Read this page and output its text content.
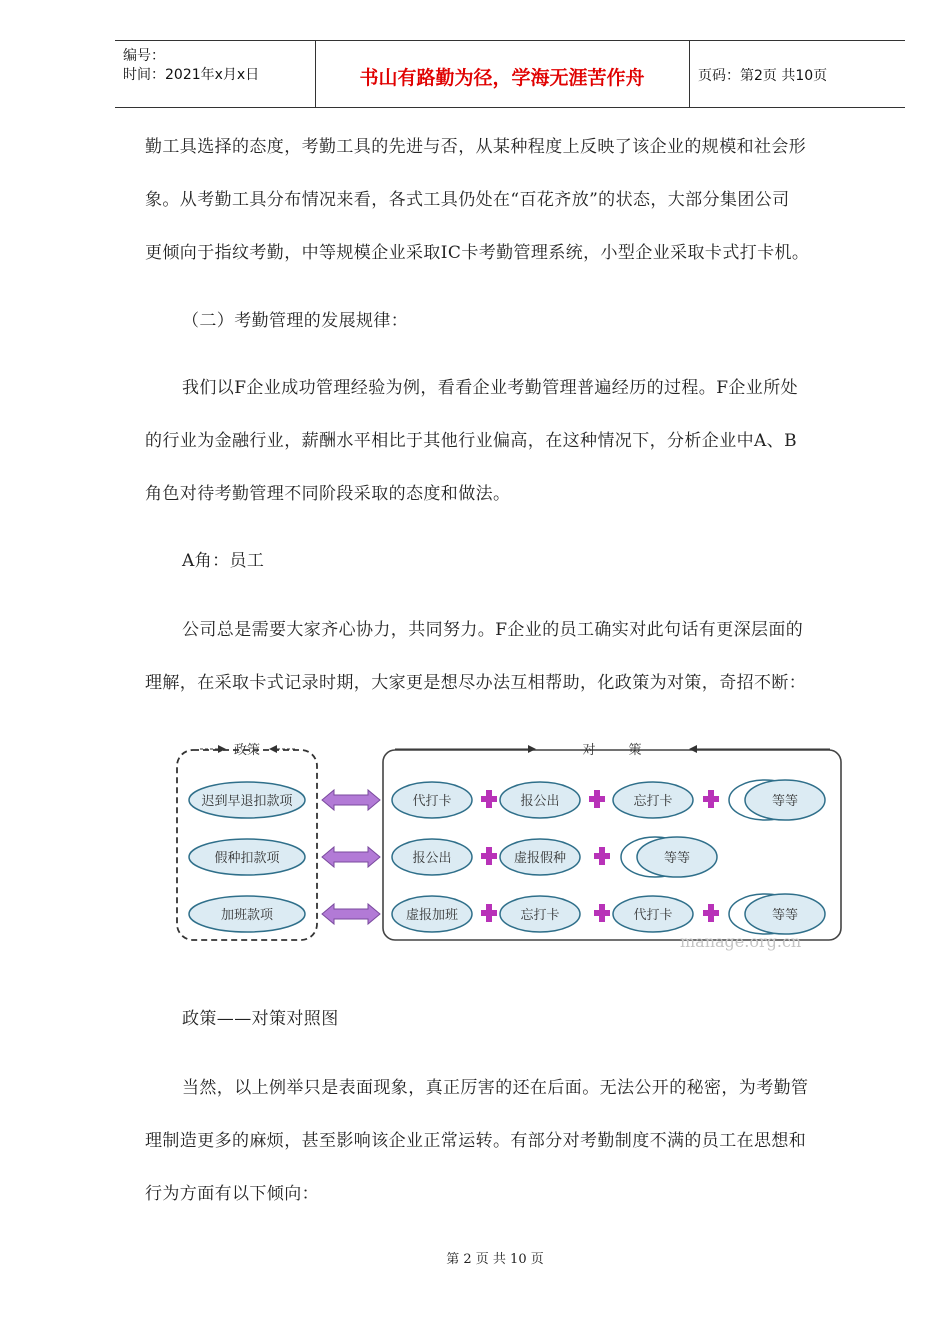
编号：
时间：2021年x月x日	书山有路勤为径，学海无涯苦作舟	页码：第2页 共10页
勤工具选择的态度，考勤工具的先进与否，从某种程度上反映了该企业的规模和社会形
象。从考勤工具分布情况来看，各式工具仍处在“百花齐放”的状态，大部分集团公司
更倾向于指纹考勤，中等规模企业采取IC卡考勤管理系统，小型企业采取卡式打卡机。
（二）考勤管理的发展规律：
我们以F企业成功管理经验为例，看看企业考勤管理普遍经历的过程。F企业所处
的行业为金融行业，薪酬水平相比于其他行业偏高，在这种情况下，分析企业中A、B
角色对待考勤管理不同阶段采取的态度和做法。
A角：员工
公司总是需要大家齐心协力，共同努力。F企业的员工确实对此句话有更深层面的
理解，在采取卡式记录时期，大家更是想尽办法互相帮助，化政策为对策，奇招不断：
政策	对        策
迟到早退扣款项
假种扣款项
加班款项
代打卡	报公出	忘打卡	等等
报公出	虚报假种	等等
虚报加班	忘打卡	代打卡	等等
manage.org.cn
政策——对策对照图
当然，以上例举只是表面现象，真正厉害的还在后面。无法公开的秘密，为考勤管
理制造更多的麻烦，甚至影响该企业正常运转。有部分对考勤制度不满的员工在思想和
行为方面有以下倾向：
第 2 页 共 10 页
